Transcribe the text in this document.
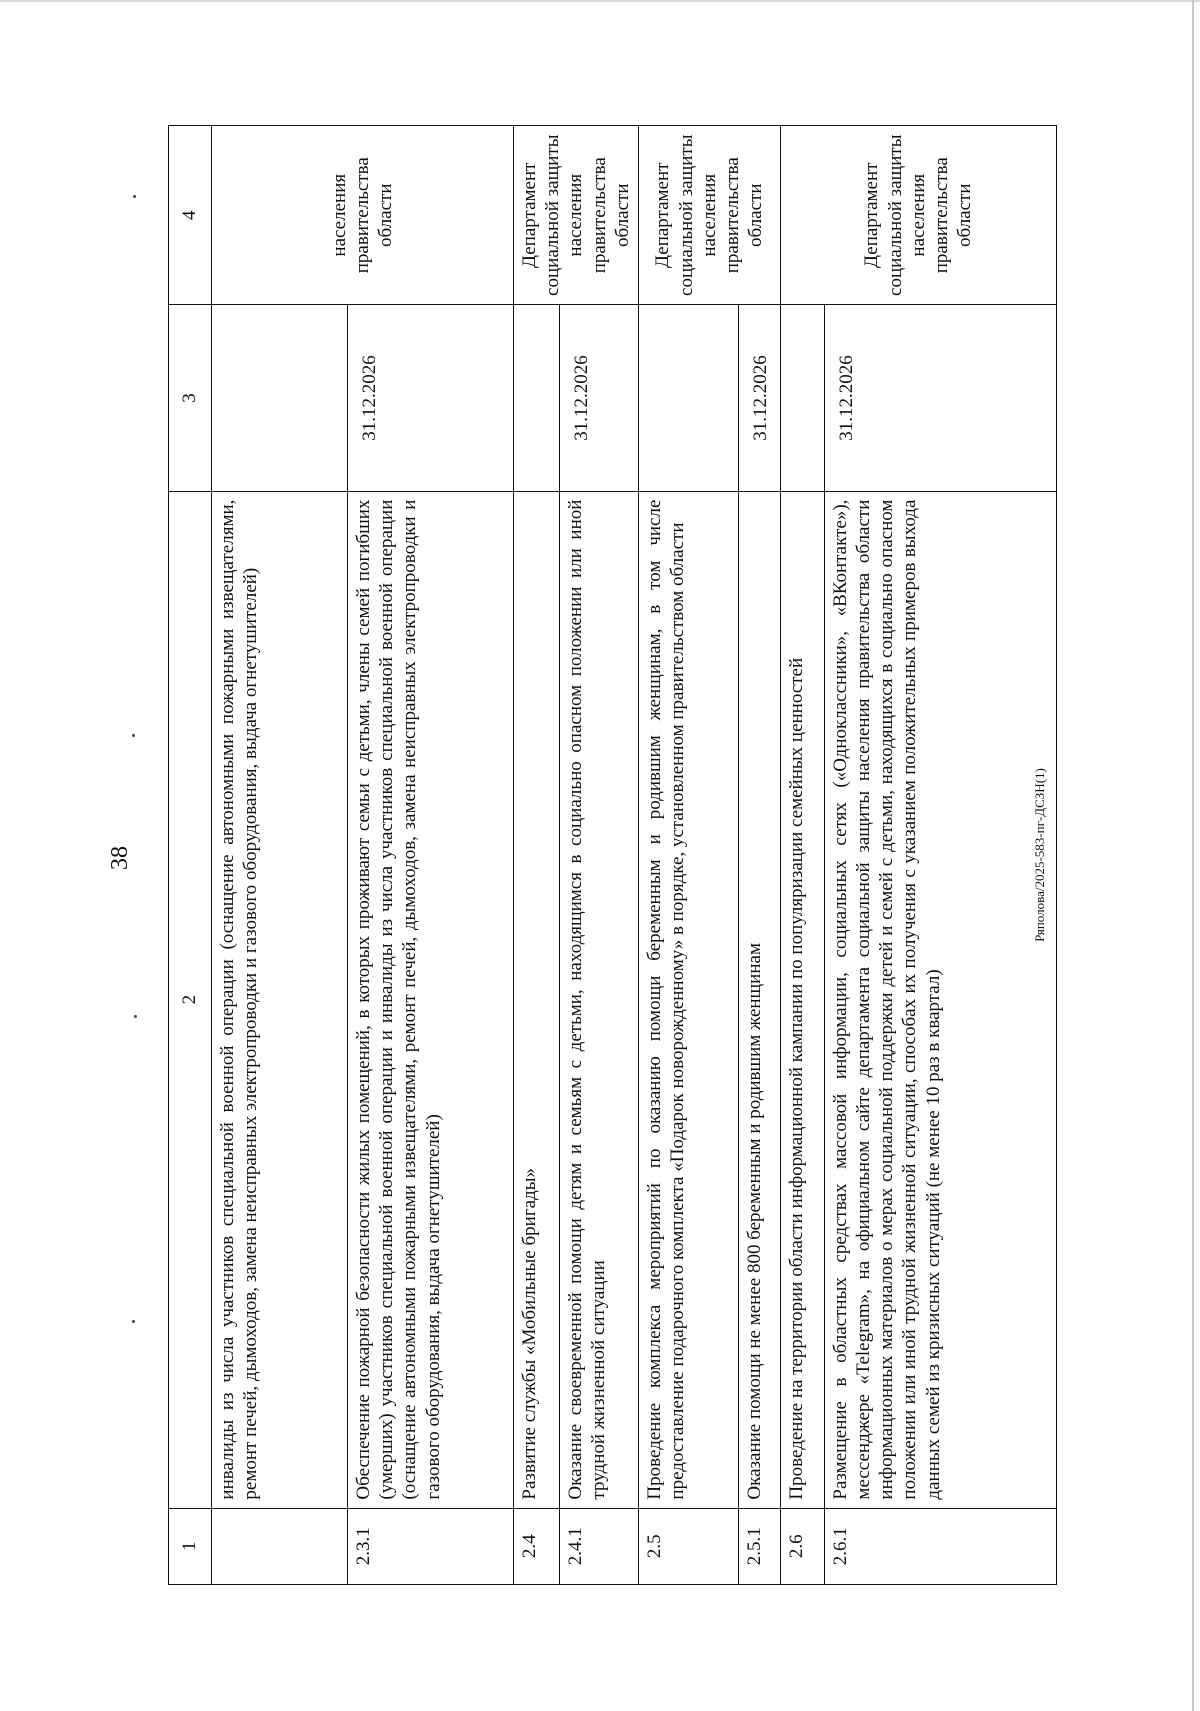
38
1	2	3	4
	инвалиды из числа участников специальной военной операции (оснащение автономными пожарными извещателями, ремонт печей, дымоходов, замена неисправных электропроводки и газового оборудования, выдача огнетушителей)		населения правительства области
2.3.1	Обеспечение пожарной безопасности жилых помещений, в которых проживают семьи с детьми, члены семей погибших (умерших) участников специальной военной операции и инвалиды из числа участников специальной военной операции (оснащение автономными пожарными извещателями, ремонт печей, дымоходов, замена неисправных электропроводки и газового оборудования, выдача огнетушителей)	31.12.2026	
2.4	Развитие службы «Мобильные бригады»		Департамент социальной защиты населения правительства области
2.4.1	Оказание своевременной помощи детям и семьям с детьми, находящимся в социально опасном положении или иной трудной жизненной ситуации	31.12.2026	
2.5	Проведение комплекса мероприятий по оказанию помощи беременным и родившим женщинам, в том числе предоставление подарочного комплекта «Подарок новорожденному» в порядке, установленном правительством области		Департамент социальной защиты населения правительства области
2.5.1	Оказание помощи не менее 800 беременным и родившим женщинам	31.12.2026	
2.6	Проведение на территории области информационной кампании по популяризации семейных ценностей		Департамент социальной защиты населения правительства области
2.6.1	Размещение в областных средствах массовой информации, социальных сетях («Одноклассники», «ВКонтакте»), мессенджере «Telegram», на официальном сайте департамента социальной защиты населения правительства области информационных материалов о мерах социальной поддержки детей и семей с детьми, находящихся в социально опасном положении или иной трудной жизненной ситуации, способах их получения с указанием положительных примеров выхода данных семей из кризисных ситуаций (не менее 10 раз в квартал)	31.12.2026	
Ряполова/2025-583-пг-ДСЗН(1)
